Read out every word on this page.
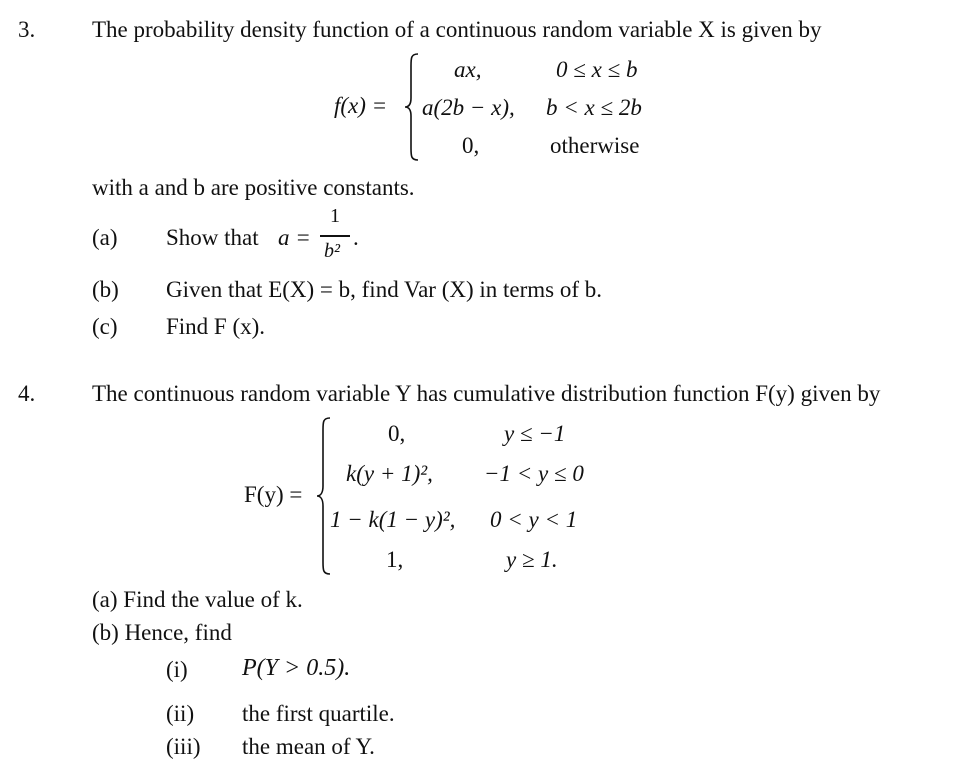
3. The probability density function of a continuous random variable X is given by
f(x) =
ax,	0 ≤ x ≤ b
a(2b − x), b < x ≤ 2b
0,	otherwise
with a and b are positive constants.
(a) Show that a =
1
b²
.
(b) Given that E(X) = b, find Var (X) in terms of b.
(c) Find F (x).
4. The continuous random variable Y has cumulative distribution function F(y) given by
F(y) =
0,	y ≤ −1
k(y + 1)², −1 < y ≤ 0
1 − k(1 − y)², 0 < y < 1
1,	y ≥ 1.
(a) Find the value of k.
(b) Hence, find
(i) P(Y > 0.5).
(ii) the first quartile.
(iii) the mean of Y.
